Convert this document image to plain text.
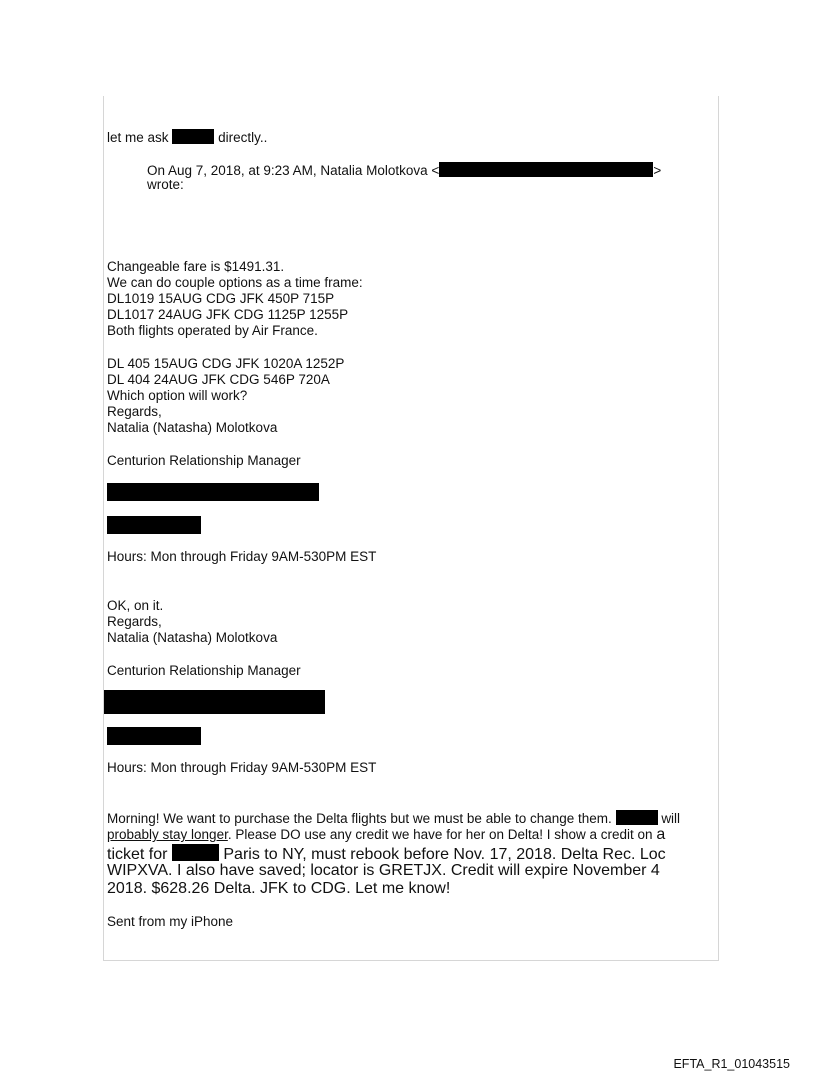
let me ask	directly..
On Aug 7, 2018, at 9:23 AM, Natalia Molotkova <	>
wrote:
Changeable fare is $1491.31.
We can do couple options as a time frame:
DL1019 15AUG CDG JFK 450P 715P
DL1017 24AUG JFK CDG 1125P 1255P
Both flights operated by Air France.
DL 405 15AUG CDG JFK 1020A 1252P
DL 404 24AUG JFK CDG 546P 720A
Which option will work?
Regards,
Natalia (Natasha) Molotkova
Centurion Relationship Manager
Hours: Mon through Friday 9AM-530PM EST
OK, on it.
Regards,
Natalia (Natasha) Molotkova
Centurion Relationship Manager
Hours: Mon through Friday 9AM-530PM EST
Morning! We want to purchase the Delta flights but we must be able to change them.	will
probably stay longer. Please DO use any credit we have for her on Delta! I show a credit on a
ticket for	Paris to NY, must rebook before Nov. 17, 2018. Delta Rec. Loc
WIPXVA. I also have saved; locator is GRETJX. Credit will expire November 4
2018. $628.26 Delta. JFK to CDG. Let me know!
Sent from my iPhone
EFTA_R1_01043515
